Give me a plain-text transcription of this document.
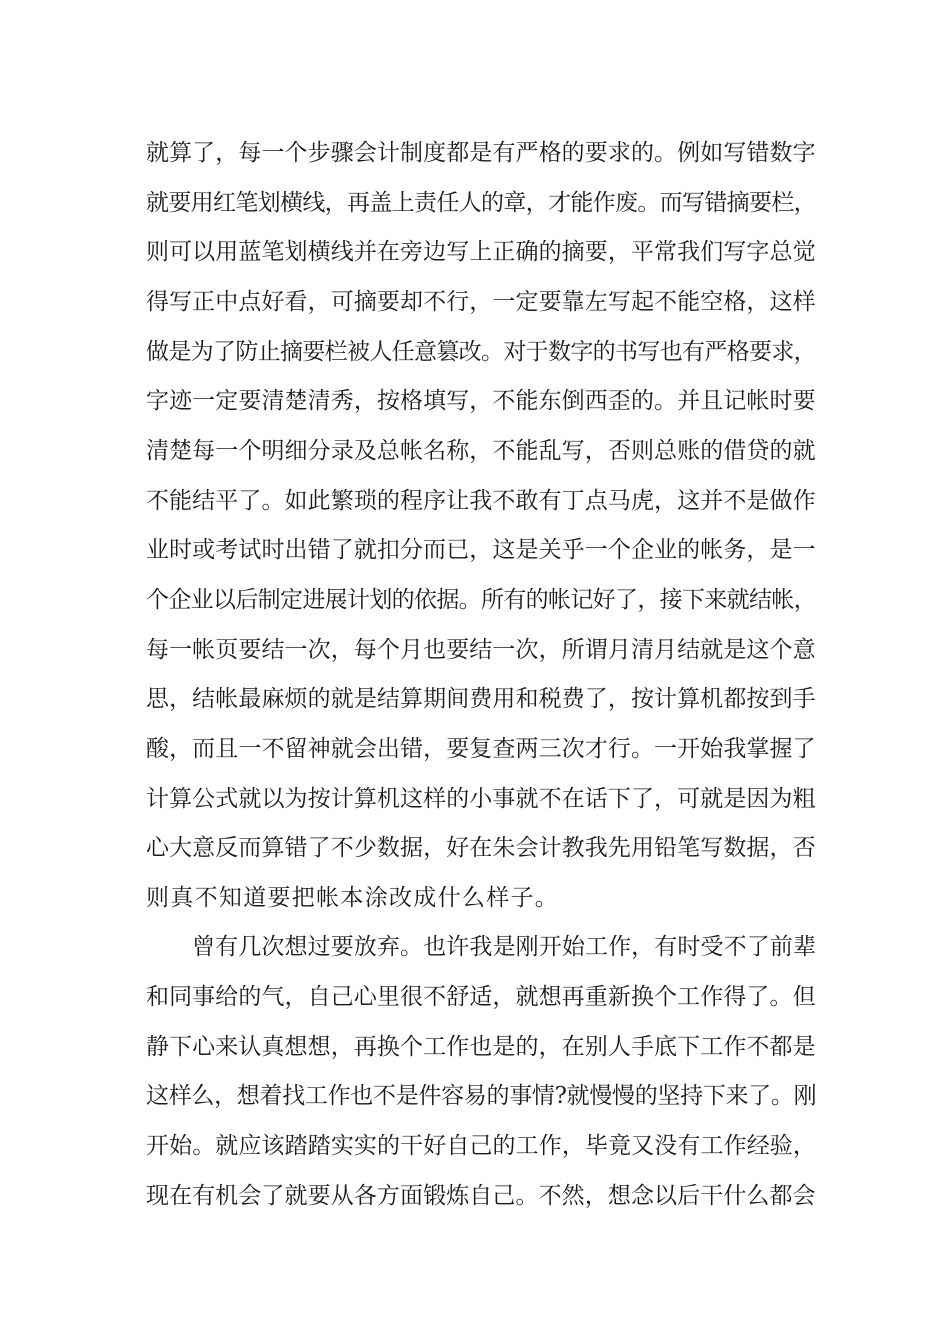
就算了，每一个步骤会计制度都是有严格的要求的。例如写错数字
就要用红笔划横线，再盖上责任人的章，才能作废。而写错摘要栏，
则可以用蓝笔划横线并在旁边写上正确的摘要，平常我们写字总觉
得写正中点好看，可摘要却不行，一定要靠左写起不能空格，这样
做是为了防止摘要栏被人任意篡改。对于数字的书写也有严格要求，
字迹一定要清楚清秀，按格填写，不能东倒西歪的。并且记帐时要
清楚每一个明细分录及总帐名称，不能乱写，否则总账的借贷的就
不能结平了。如此繁琐的程序让我不敢有丁点马虎，这并不是做作
业时或考试时出错了就扣分而已，这是关乎一个企业的帐务，是一
个企业以后制定进展计划的依据。所有的帐记好了，接下来就结帐，
每一帐页要结一次，每个月也要结一次，所谓月清月结就是这个意
思，结帐最麻烦的就是结算期间费用和税费了，按计算机都按到手
酸，而且一不留神就会出错，要复查两三次才行。一开始我掌握了
计算公式就以为按计算机这样的小事就不在话下了，可就是因为粗
心大意反而算错了不少数据，好在朱会计教我先用铅笔写数据，否
则真不知道要把帐本涂改成什么样子。
曾有几次想过要放弃。也许我是刚开始工作，有时受不了前辈
和同事给的气，自己心里很不舒适，就想再重新换个工作得了。但
静下心来认真想想，再换个工作也是的，在别人手底下工作不都是
这样么，想着找工作也不是件容易的事情?就慢慢的坚持下来了。刚
开始。就应该踏踏实实的干好自己的工作，毕竟又没有工作经验，
现在有机会了就要从各方面锻炼自己。不然，想念以后干什么都会
